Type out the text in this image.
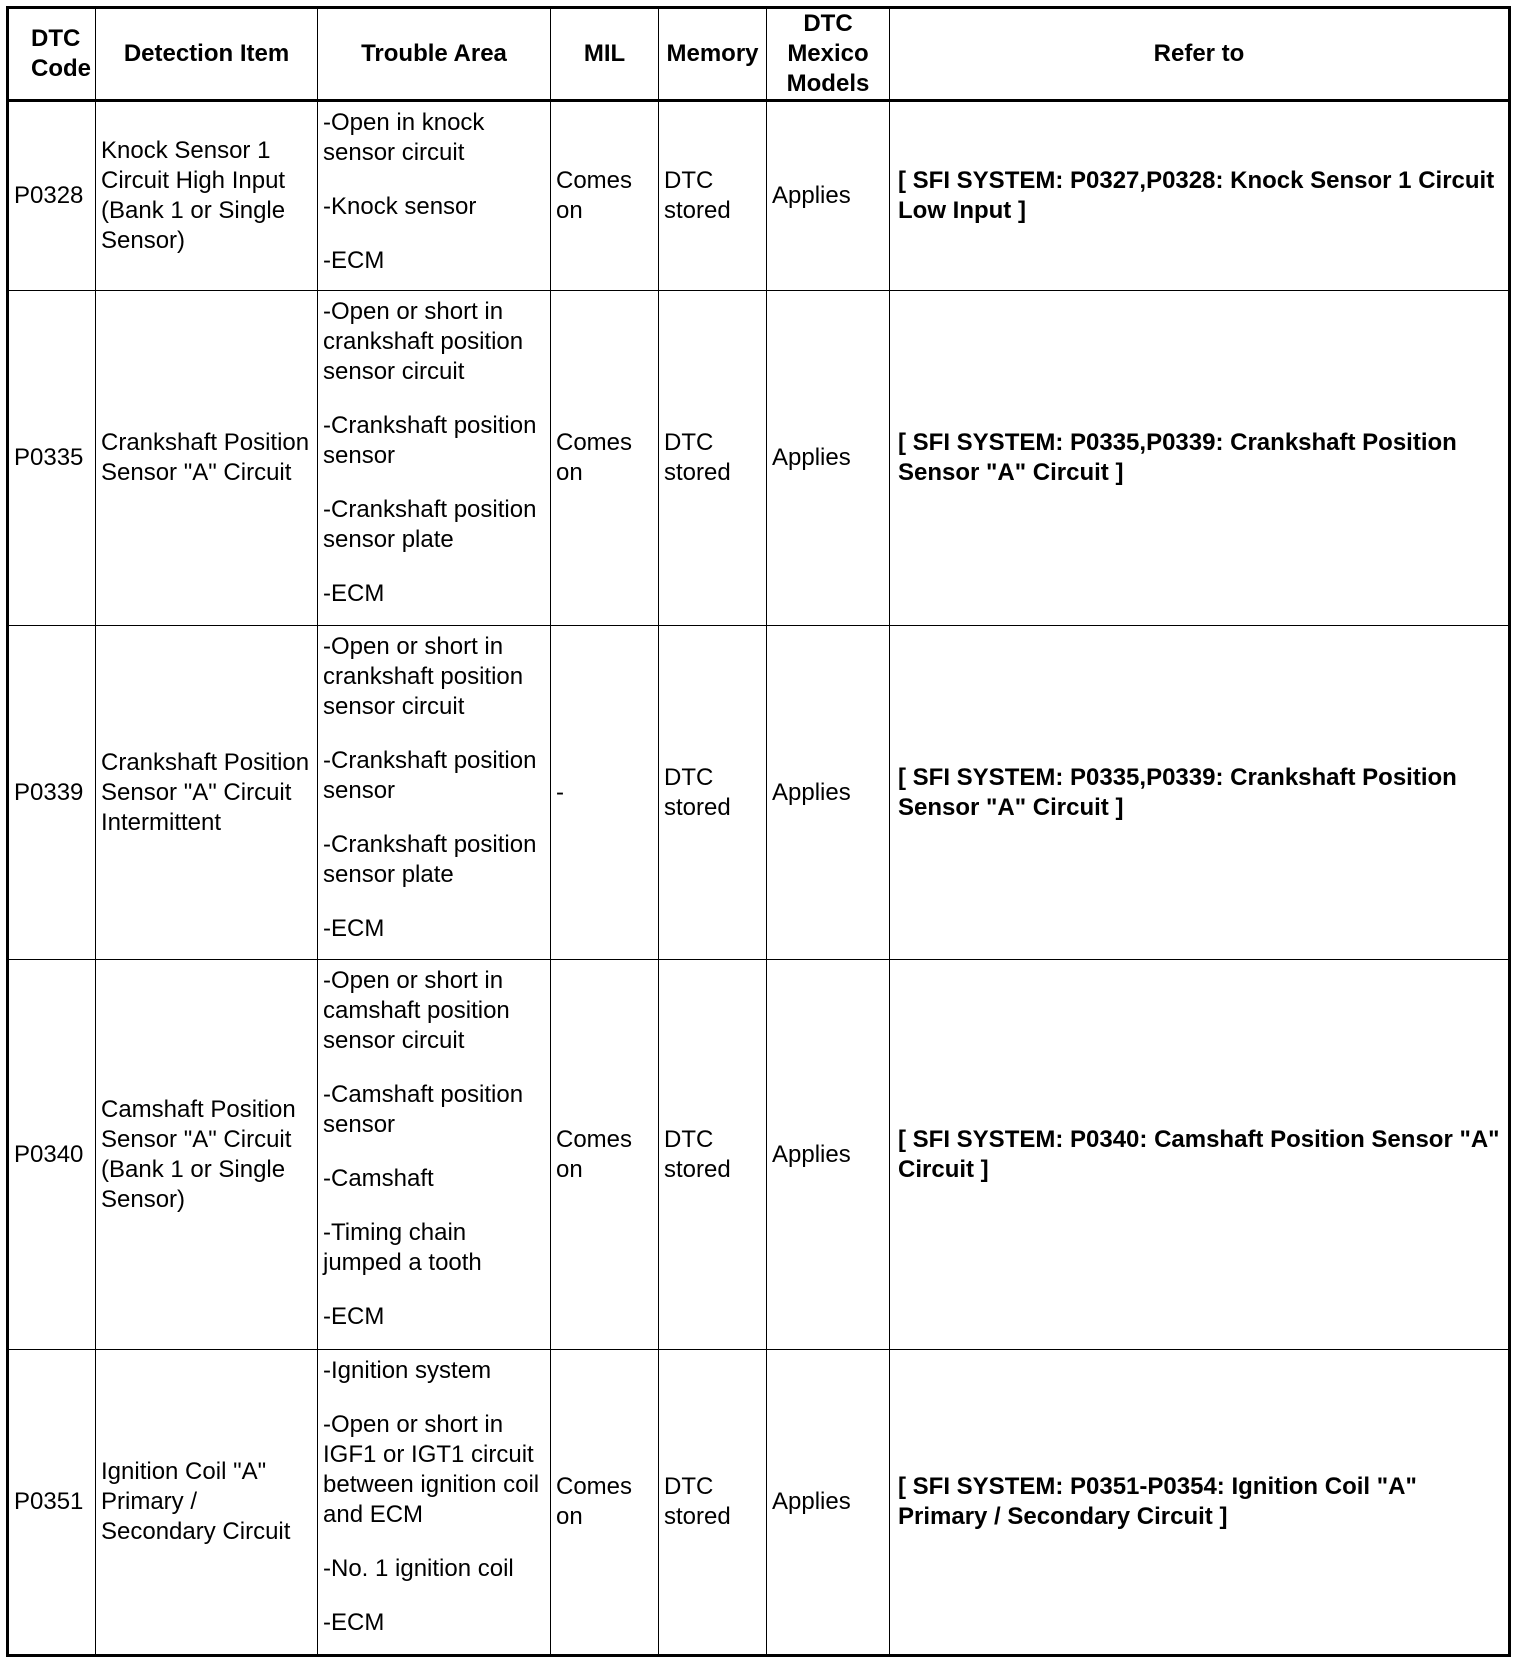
DTC Code	Detection Item	Trouble Area	MIL	Memory	DTC Mexico Models	Refer to
P0328	Knock Sensor 1 Circuit High Input (Bank 1 or Single Sensor)	-Open in knock sensor circuit
-Knock sensor
-ECM	Comes on	DTC stored	Applies	[ SFI SYSTEM: P0327,P0328: Knock Sensor 1 Circuit Low Input ]
P0335	Crankshaft Position Sensor "A" Circuit	-Open or short in crankshaft position sensor circuit
-Crankshaft position sensor
-Crankshaft position sensor plate
-ECM	Comes on	DTC stored	Applies	[ SFI SYSTEM: P0335,P0339: Crankshaft Position Sensor "A" Circuit ]
P0339	Crankshaft Position Sensor "A" Circuit Intermittent	-Open or short in crankshaft position sensor circuit
-Crankshaft position sensor
-Crankshaft position sensor plate
-ECM	-	DTC stored	Applies	[ SFI SYSTEM: P0335,P0339: Crankshaft Position Sensor "A" Circuit ]
P0340	Camshaft Position Sensor "A" Circuit (Bank 1 or Single Sensor)	-Open or short in camshaft position sensor circuit
-Camshaft position sensor
-Camshaft
-Timing chain jumped a tooth
-ECM	Comes on	DTC stored	Applies	[ SFI SYSTEM: P0340: Camshaft Position Sensor "A" Circuit ]
P0351	Ignition Coil "A" Primary / Secondary Circuit	-Ignition system
-Open or short in IGF1 or IGT1 circuit between ignition coil and ECM
-No. 1 ignition coil
-ECM	Comes on	DTC stored	Applies	[ SFI SYSTEM: P0351-P0354: Ignition Coil "A" Primary / Secondary Circuit ]
